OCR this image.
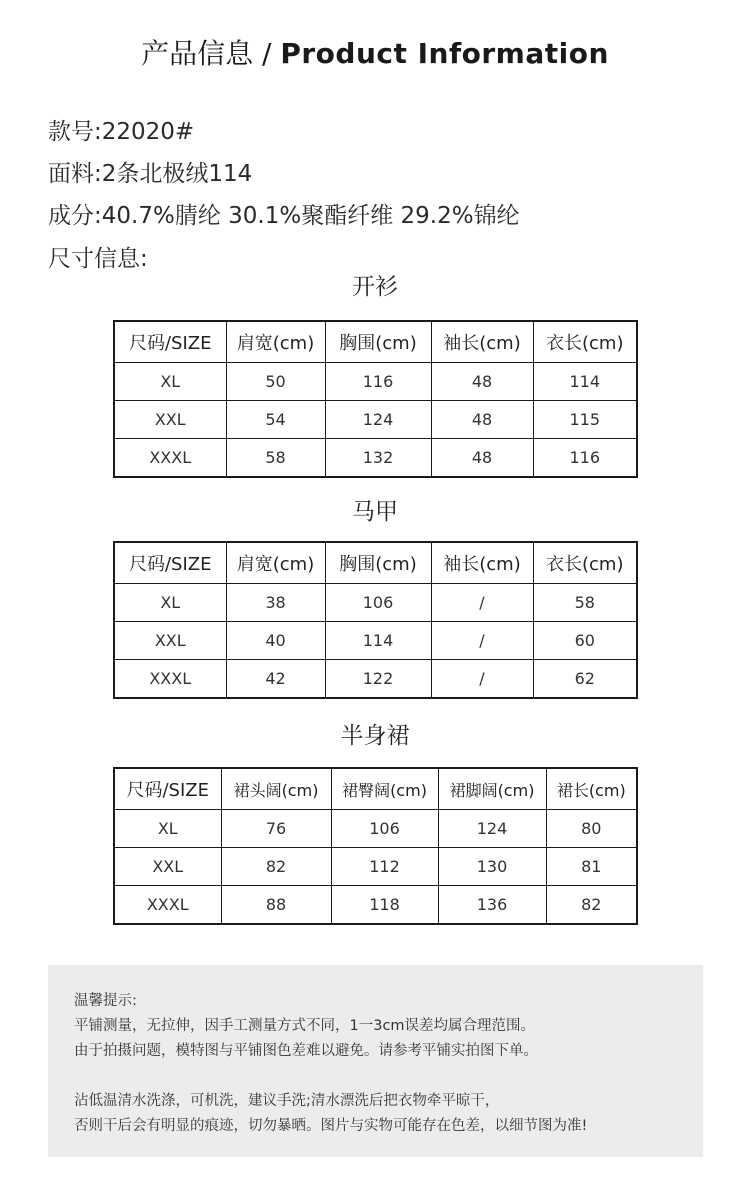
产品信息 / Product Information
款号:22020#
面料:2条北极绒114
成分:40.7%腈纶 30.1%聚酯纤维 29.2%锦纶
尺寸信息:
开衫
尺码/SIZE	肩宽(cm)	胸围(cm)	袖长(cm)	衣长(cm)
XL	50	116	48	114
XXL	54	124	48	115
XXXL	58	132	48	116
马甲
尺码/SIZE	肩宽(cm)	胸围(cm)	袖长(cm)	衣长(cm)
XL	38	106	/	58
XXL	40	114	/	60
XXXL	42	122	/	62
半身裙
尺码/SIZE	裙头阔(cm)	裙臀阔(cm)	裙脚阔(cm)	裙长(cm)
XL	76	106	124	80
XXL	82	112	130	81
XXXL	88	118	136	82

温馨提示:

平铺测量，无拉伸，因手工测量方式不同，1一3cm误差均属合理范围。

由于拍摄问题，模特图与平铺图色差难以避免。请参考平铺实拍图下单。

沾低温清水洗涤，可机洗，建议手洗;清水漂洗后把衣物牵平晾干，

否则干后会有明显的痕迹，切勿暴晒。图片与实物可能存在色差，以细节图为准!
